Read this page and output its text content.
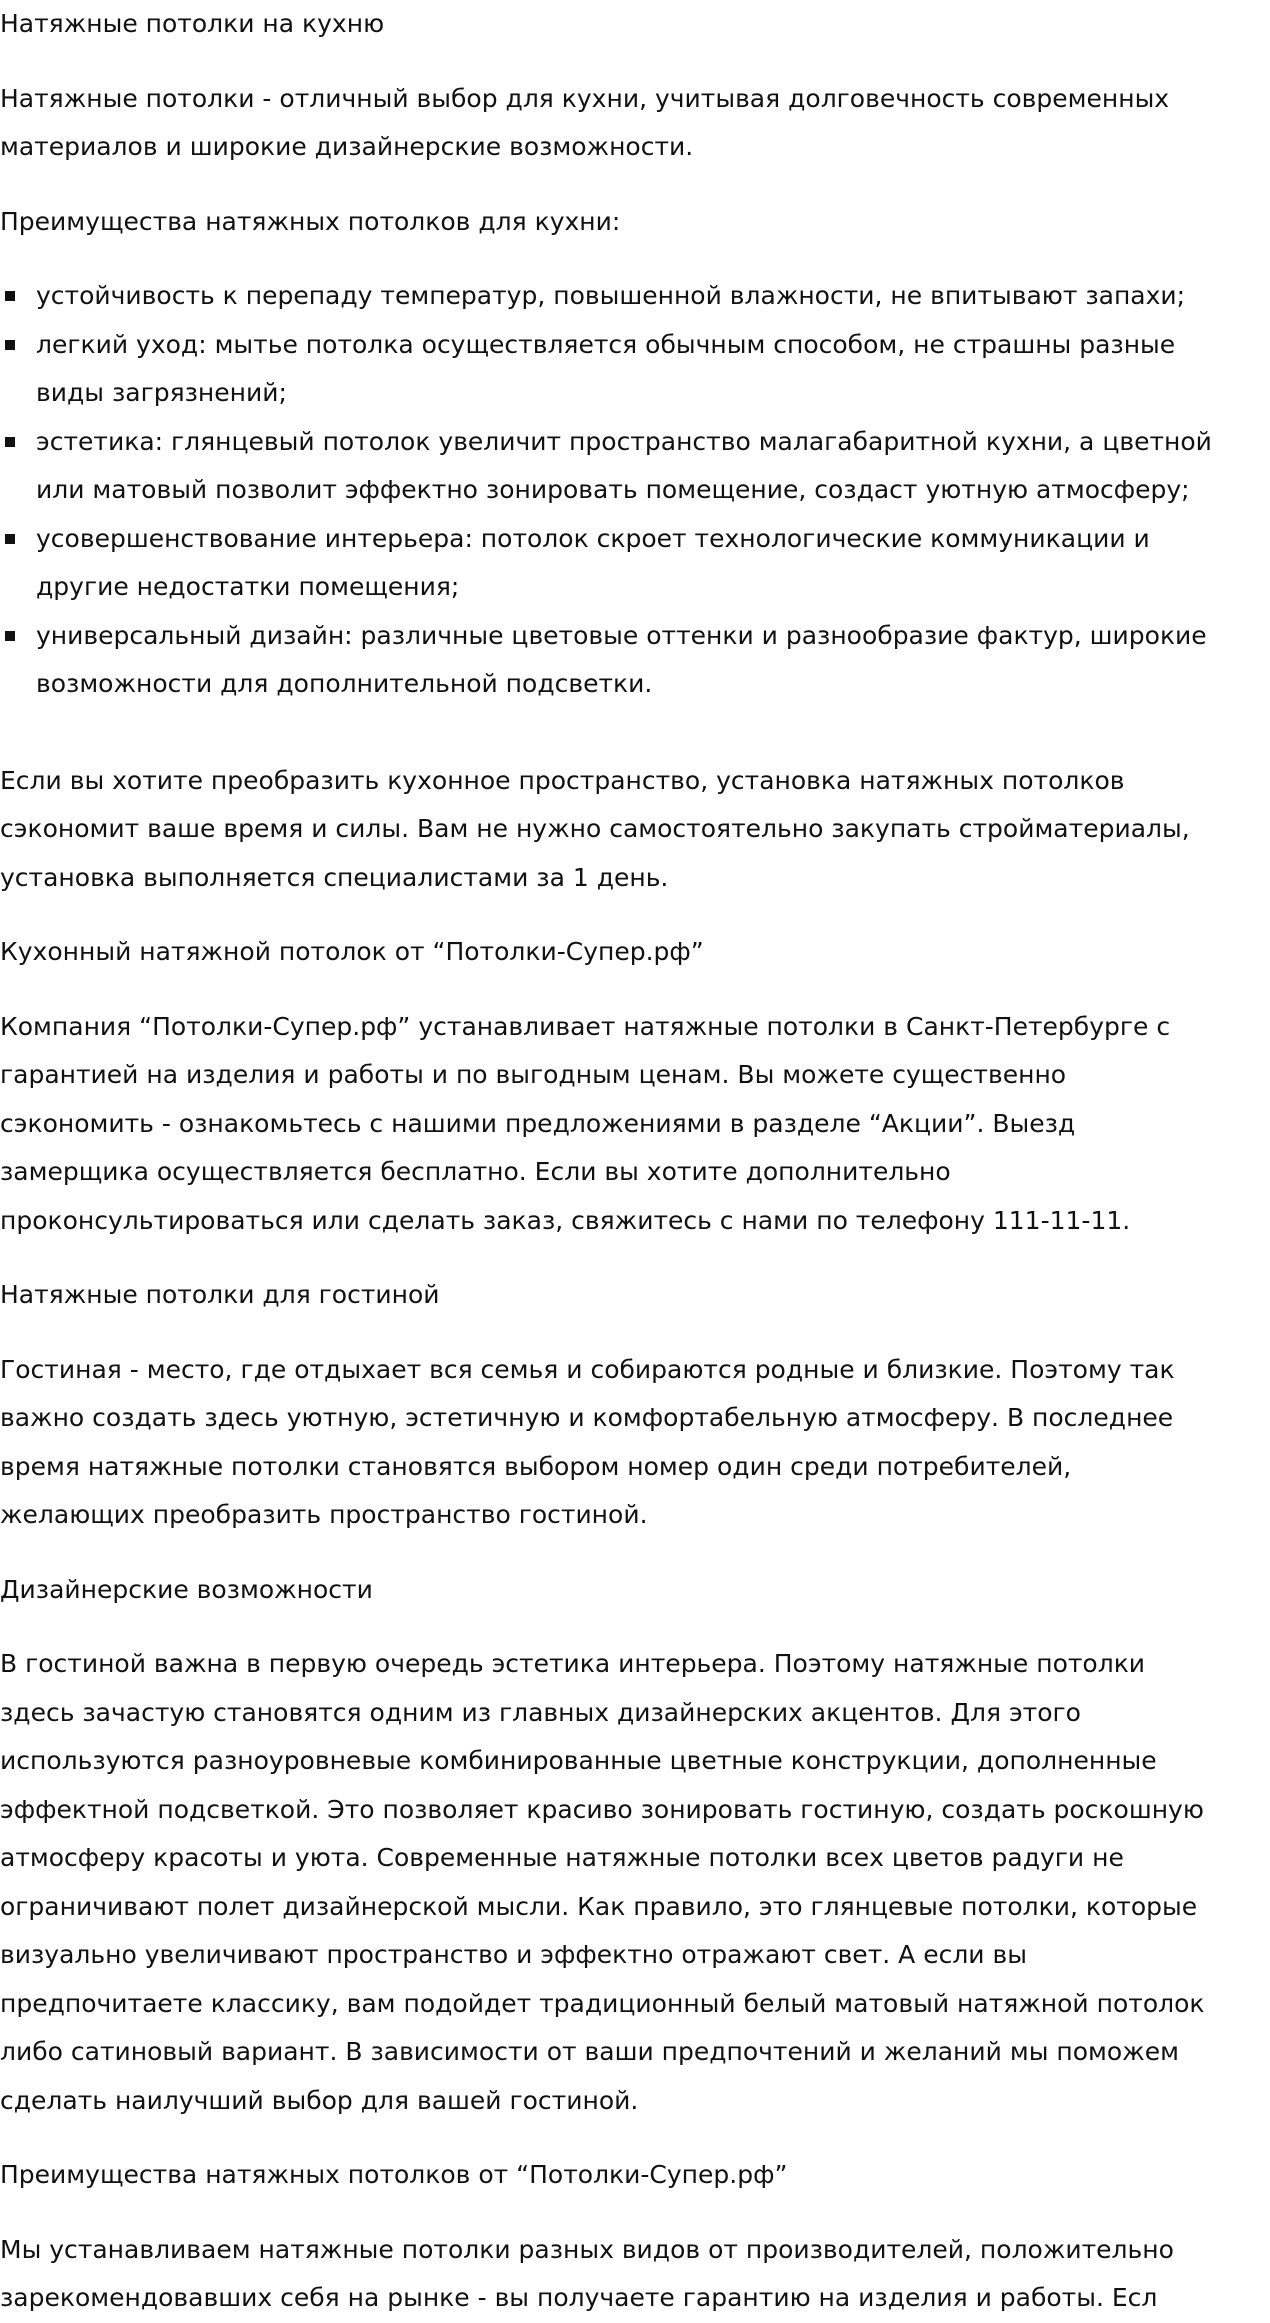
Натяжные потолки на кухню

Натяжные потолки - отличный выбор для кухни, учитывая долговечность современных

материалов и широкие дизайнерские возможности.

Преимущества натяжных потолков для кухни:

устойчивость к перепаду температур, повышенной влажности, не впитывают запахи;

легкий уход: мытье потолка осуществляется обычным способом, не страшны разные

виды загрязнений;

эстетика: глянцевый потолок увеличит пространство малагабаритной кухни, а цветной

или матовый позволит эффектно зонировать помещение, создаст уютную атмосферу;

усовершенствование интерьера: потолок скроет технологические коммуникации и

другие недостатки помещения;

универсальный дизайн: различные цветовые оттенки и разнообразие фактур, широкие

возможности для дополнительной подсветки.

Если вы хотите преобразить кухонное пространство, установка натяжных потолков

сэкономит ваше время и силы. Вам не нужно самостоятельно закупать стройматериалы,

установка выполняется специалистами за 1 день.

Кухонный натяжной потолок от “Потолки-Супер.рф”

Компания “Потолки-Супер.рф” устанавливает натяжные потолки в Санкт-Петербурге с

гарантией на изделия и работы и по выгодным ценам. Вы можете существенно

сэкономить - ознакомьтесь с нашими предложениями в разделе “Акции”. Выезд

замерщика осуществляется бесплатно. Если вы хотите дополнительно

проконсультироваться или сделать заказ, свяжитесь с нами по телефону 111-11-11.

Натяжные потолки для гостиной

Гостиная - место, где отдыхает вся семья и собираются родные и близкие. Поэтому так

важно создать здесь уютную, эстетичную и комфортабельную атмосферу. В последнее

время натяжные потолки становятся выбором номер один среди потребителей,

желающих преобразить пространство гостиной.

Дизайнерские возможности

В гостиной важна в первую очередь эстетика интерьера. Поэтому натяжные потолки

здесь зачастую становятся одним из главных дизайнерских акцентов. Для этого

используются разноуровневые комбинированные цветные конструкции, дополненные

эффектной подсветкой. Это позволяет красиво зонировать гостиную, создать роскошную

атмосферу красоты и уюта. Современные натяжные потолки всех цветов радуги не

ограничивают полет дизайнерской мысли. Как правило, это глянцевые потолки, которые

визуально увеличивают пространство и эффектно отражают свет. А если вы

предпочитаете классику, вам подойдет традиционный белый матовый натяжной потолок

либо сатиновый вариант. В зависимости от ваши предпочтений и желаний мы поможем

сделать наилучший выбор для вашей гостиной.

Преимущества натяжных потолков от “Потолки-Супер.рф”

Мы устанавливаем натяжные потолки разных видов от производителей, положительно

зарекомендовавших себя на рынке - вы получаете гарантию на изделия и работы. Есл
